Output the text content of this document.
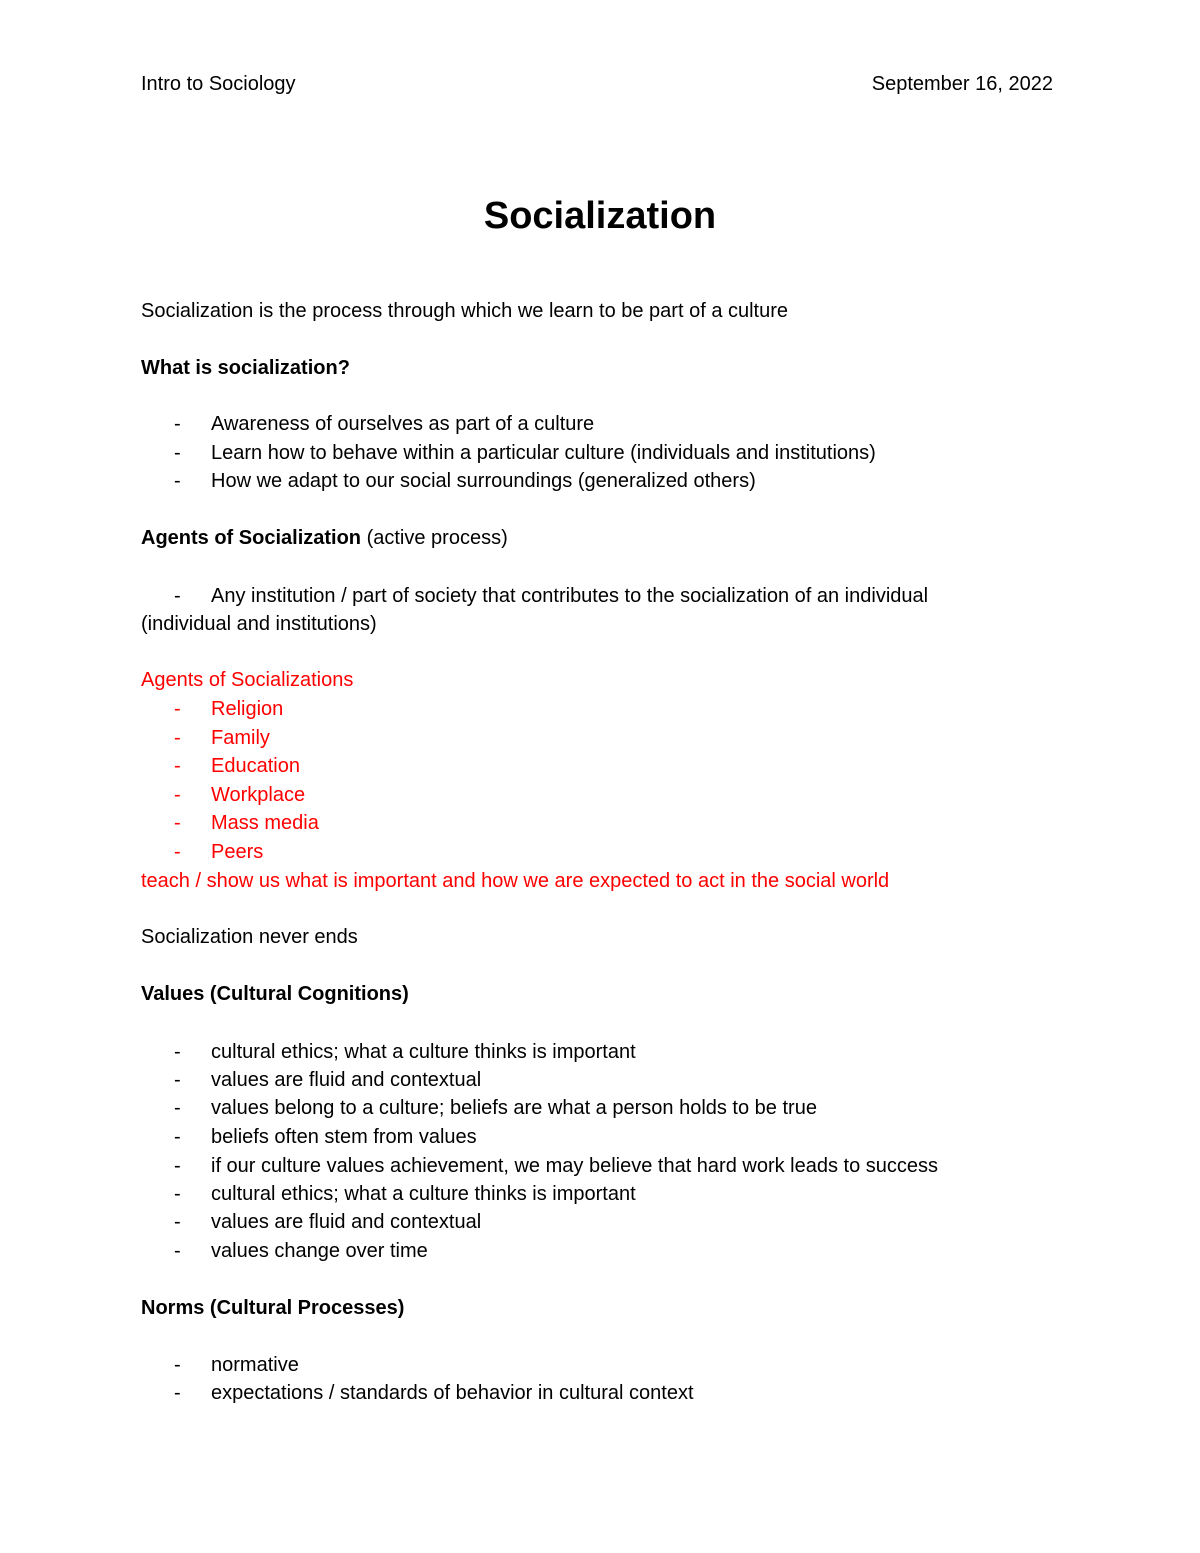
Intro to Sociology	September 16, 2022
Socialization
Socialization is the process through which we learn to be part of a culture
What is socialization?
- Awareness of ourselves as part of a culture
- Learn how to behave within a particular culture (individuals and institutions)
- How we adapt to our social surroundings (generalized others)
Agents of Socialization (active process)
- Any institution / part of society that contributes to the socialization of an individual
(individual and institutions)
Agents of Socializations
- Religion
- Family
- Education
- Workplace
- Mass media
- Peers
teach / show us what is important and how we are expected to act in the social world
Socialization never ends
Values (Cultural Cognitions)
- cultural ethics; what a culture thinks is important
- values are fluid and contextual
- values belong to a culture; beliefs are what a person holds to be true
- beliefs often stem from values
- if our culture values achievement, we may believe that hard work leads to success
- cultural ethics; what a culture thinks is important
- values are fluid and contextual
- values change over time
Norms (Cultural Processes)
- normative
- expectations / standards of behavior in cultural context
